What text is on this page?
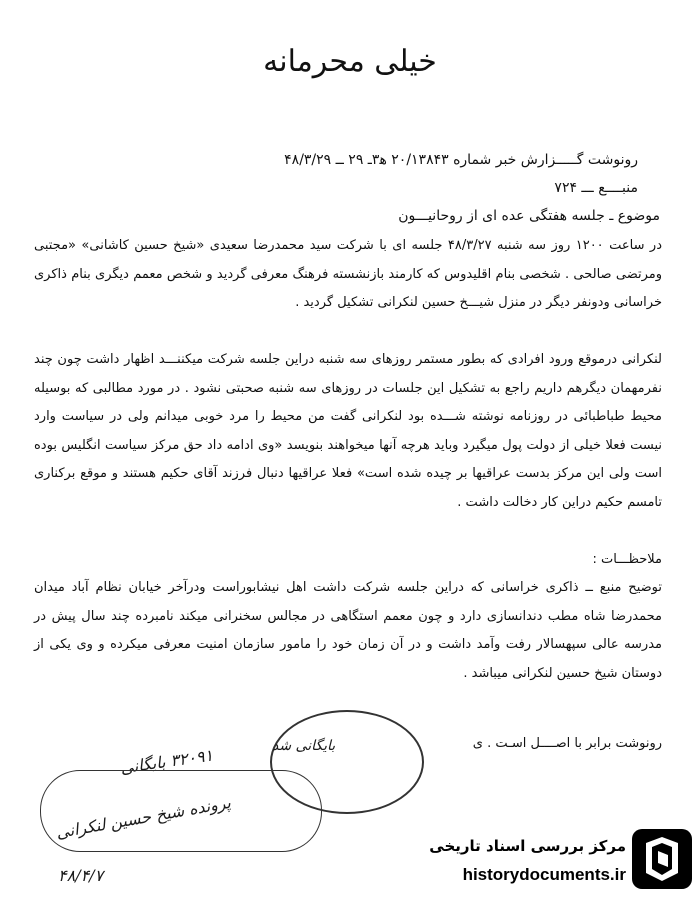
خیلی محرمانه
رونوشت گـــــزارش خبر شماره ۲۰/۱۳۸۴۳ ه‍۳ـ ۲۹ ــ ۴۸/۳/۲۹
منبــــع ـــ ۷۲۴
موضوع ـ جلسه هفتگی عده ای از روحانیـــون
در ساعت ۱۲۰۰ روز سه شنبه ۴۸/۳/۲۷ جلسه ای با شرکت سید محمدرضا سعیدی «شیخ حسین کاشانی» «مجتبی ومرتضی صالحی . شخصی بنام اقلیدوس که کارمند بازنشسته فرهنگ معرفی گردید و شخص معمم دیگری بنام ذاکری خراسانی ودونفر دیگر در منزل شیـــخ حسین لنکرانی تشکیل گردید .
لنکرانی درموقع ورود افرادی که بطور مستمر روزهای سه شنبه دراین جلسه شرکت میکننـــد اظهار داشت چون چند نفرمهمان دیگرهم داریم راجع به تشکیل این جلسات در روزهای سه شنبه صحبتی نشود . در مورد مطالبی که بوسیله محیط طباطبائی در روزنامه نوشته شـــده بود لنکرانی گفت من محیط را مرد خوبی میدانم ولی در سیاست وارد نیست فعلا خیلی از دولت پول میگیرد وباید هرچه آنها میخواهند بنویسد «وی ادامه داد حق مرکز سیاست انگلیس بوده است ولی این مرکز بدست عراقیها بر چیده شده است» فعلا عراقیها دنبال فرزند آقای حکیم هستند و موقع برکناری تامسم حکیم دراین کار دخالت داشت .
ملاحظـــات :
توضیح منبع ــ ذاکری خراسانی که دراین جلسه شرکت داشت اهل نیشابوراست ودرآخر خیابان نظام آباد میدان محمدرضا شاه مطب دندانسازی دارد و چون معمم استگاهی در مجالس سخنرانی میکند نامبرده چند سال پیش در مدرسه عالی سپهسالار رفت وآمد داشت و در آن زمان خود را مامور سازمان امنیت معرفی میکرده و وی یکی از دوستان شیخ حسین لنکرانی میباشد .
رونوشت برابر با اصــــل اسـت . ی
۳۲۰۹۱ بایگانی	بایگانی شد
پرونده شیخ حسین لنکرانی
۴۸/۴/۷
مرکز بررسی اسناد تاریخی
historydocuments.ir
